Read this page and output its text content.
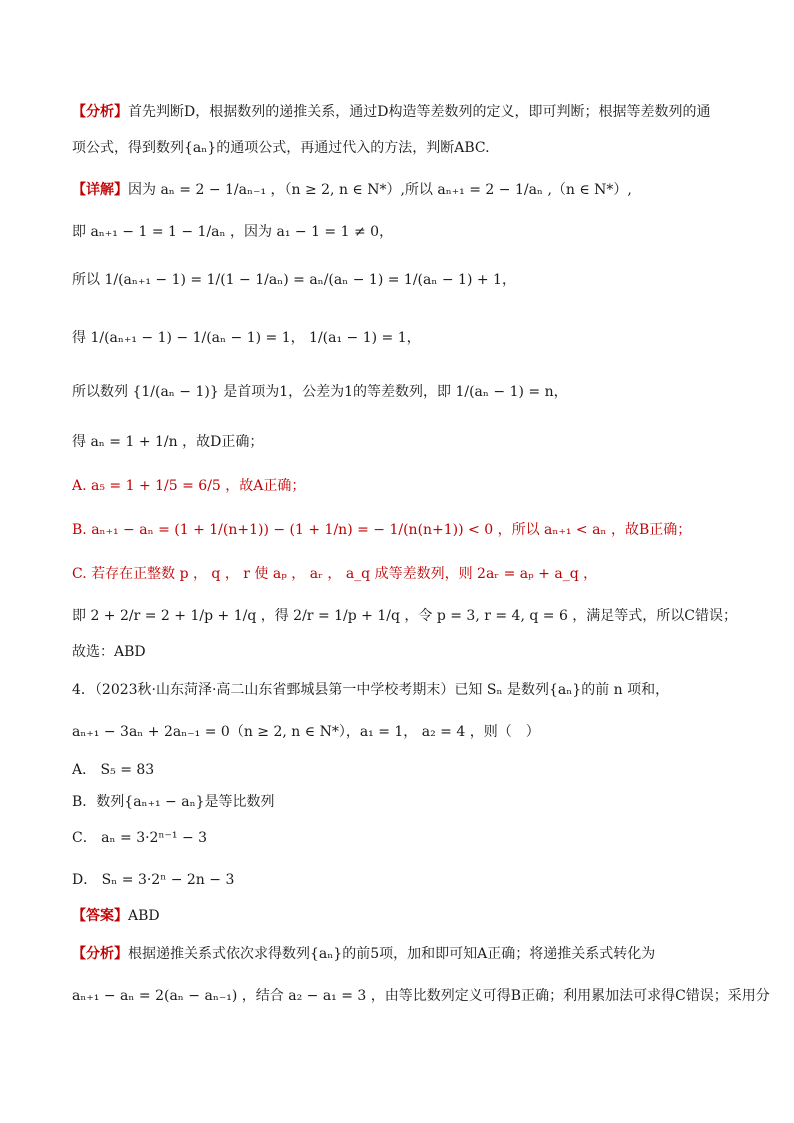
【分析】首先判断D，根据数列的递推关系，通过D构造等差数列的定义，即可判断；根据等差数列的通
项公式，得到数列{aₙ}的通项公式，再通过代入的方法，判断ABC.
【详解】因为 aₙ = 2 − 1/aₙ₋₁ ，（n ≥ 2, n ∈ N*）,所以 aₙ₊₁ = 2 − 1/aₙ ,（n ∈ N*）,
即 aₙ₊₁ − 1 = 1 − 1/aₙ ，因为 a₁ − 1 = 1 ≠ 0，
所以 1/(aₙ₊₁ − 1) = 1/(1 − 1/aₙ) = aₙ/(aₙ − 1) = 1/(aₙ − 1) + 1，
得 1/(aₙ₊₁ − 1) − 1/(aₙ − 1) = 1， 1/(a₁ − 1) = 1，
所以数列 {1/(aₙ − 1)} 是首项为1，公差为1的等差数列，即 1/(aₙ − 1) = n，
得 aₙ = 1 + 1/n ，故D正确；
A. a₅ = 1 + 1/5 = 6/5 ，故A正确；
B. aₙ₊₁ − aₙ = (1 + 1/(n+1)) − (1 + 1/n) = − 1/(n(n+1)) < 0 ，所以 aₙ₊₁ < aₙ ，故B正确；
C. 若存在正整数 p ， q ， r 使 aₚ ， aᵣ ， a_q 成等差数列，则 2aᵣ = aₚ + a_q ，
即 2 + 2/r = 2 + 1/p + 1/q ，得 2/r = 1/p + 1/q ，令 p = 3, r = 4, q = 6 ，满足等式，所以C错误；
故选：ABD
4．（2023秋·山东菏泽·高二山东省鄄城县第一中学校考期末）已知 Sₙ 是数列{aₙ}的前 n 项和，
aₙ₊₁ − 3aₙ + 2aₙ₋₁ = 0（n ≥ 2, n ∈ N*），a₁ = 1， a₂ = 4 ，则（　）
A． S₅ = 83
B．数列{aₙ₊₁ − aₙ}是等比数列
C． aₙ = 3·2ⁿ⁻¹ − 3
D． Sₙ = 3·2ⁿ − 2n − 3
【答案】ABD
【分析】根据递推关系式依次求得数列{aₙ}的前5项，加和即可知A正确；将递推关系式转化为
aₙ₊₁ − aₙ = 2(aₙ − aₙ₋₁) ，结合 a₂ − a₁ = 3 ，由等比数列定义可得B正确；利用累加法可求得C错误；采用分
